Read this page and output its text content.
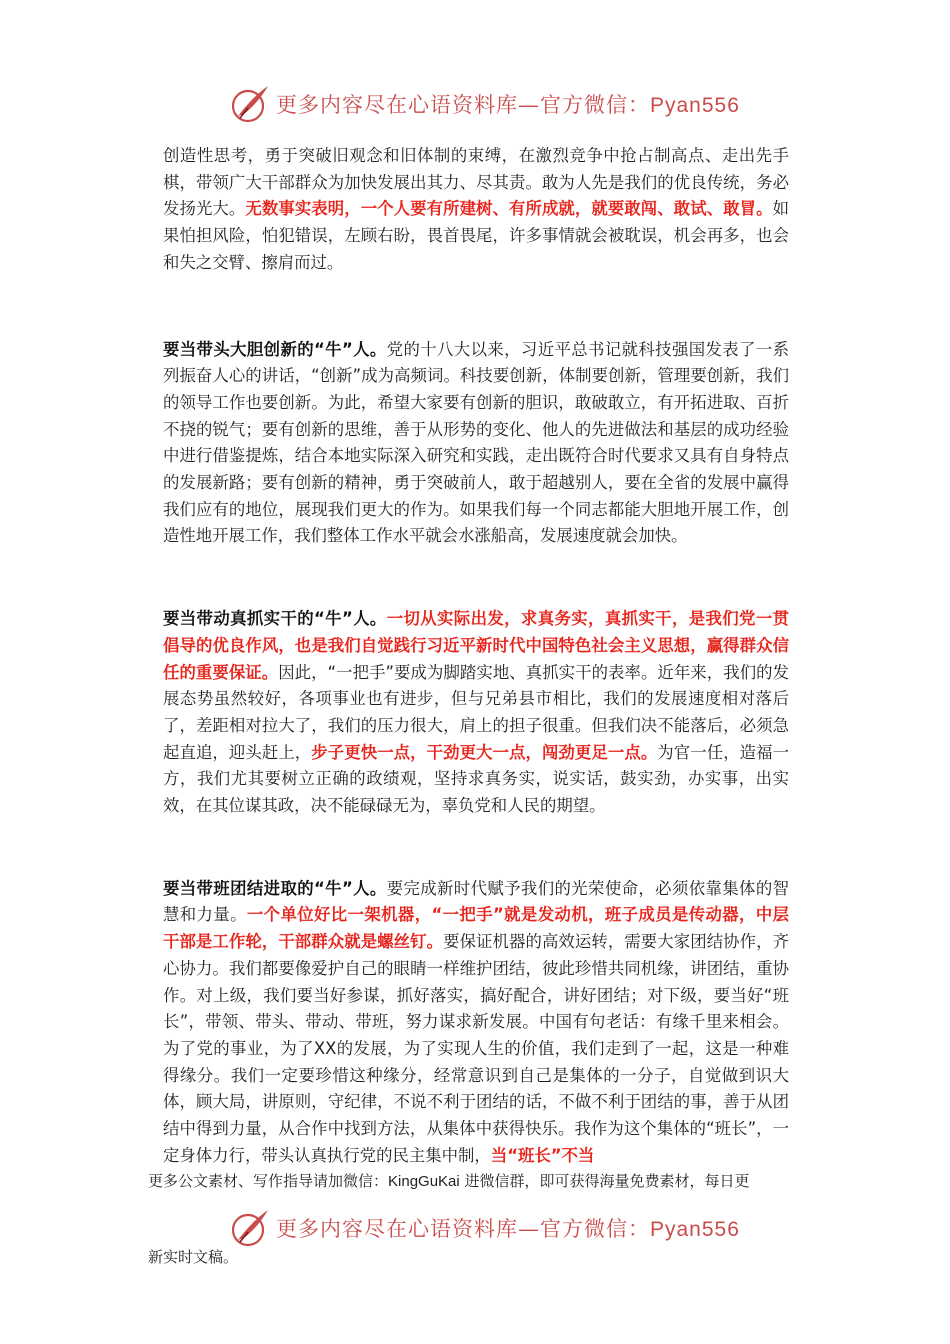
更多内容尽在心语资料库—官方微信：Pyan556

创造性思考，勇于突破旧观念和旧体制的束缚，在激烈竞争中抢占制高点、走出先手棋，带领广大干部群众为加快发展出其力、尽其责。敢为人先是我们的优良传统，务必发扬光大。无数事实表明，一个人要有所建树、有所成就，就要敢闯、敢试、敢冒。如果怕担风险，怕犯错误，左顾右盼，畏首畏尾，许多事情就会被耽误，机会再多，也会和失之交臂、擦肩而过。

要当带头大胆创新的“牛”人。党的十八大以来，习近平总书记就科技强国发表了一系列振奋人心的讲话，“创新”成为高频词。科技要创新，体制要创新，管理要创新，我们的领导工作也要创新。为此，希望大家要有创新的胆识，敢破敢立，有开拓进取、百折不挠的锐气；要有创新的思维，善于从形势的变化、他人的先进做法和基层的成功经验中进行借鉴提炼，结合本地实际深入研究和实践，走出既符合时代要求又具有自身特点的发展新路；要有创新的精神，勇于突破前人，敢于超越别人，要在全省的发展中赢得我们应有的地位，展现我们更大的作为。如果我们每一个同志都能大胆地开展工作，创造性地开展工作，我们整体工作水平就会水涨船高，发展速度就会加快。

要当带动真抓实干的“牛”人。一切从实际出发，求真务实，真抓实干，是我们党一贯倡导的优良作风，也是我们自觉践行习近平新时代中国特色社会主义思想，赢得群众信任的重要保证。因此，“一把手”要成为脚踏实地、真抓实干的表率。近年来，我们的发展态势虽然较好，各项事业也有进步，但与兄弟县市相比，我们的发展速度相对落后了，差距相对拉大了，我们的压力很大，肩上的担子很重。但我们决不能落后，必须急起直追，迎头赶上，步子更快一点，干劲更大一点，闯劲更足一点。为官一任，造福一方，我们尤其要树立正确的政绩观，坚持求真务实，说实话，鼓实劲，办实事，出实效，在其位谋其政，决不能碌碌无为，辜负党和人民的期望。

要当带班团结进取的“牛”人。要完成新时代赋予我们的光荣使命，必须依靠集体的智慧和力量。一个单位好比一架机器，“一把手”就是发动机，班子成员是传动器，中层干部是工作轮，干部群众就是螺丝钉。要保证机器的高效运转，需要大家团结协作，齐心协力。我们都要像爱护自己的眼睛一样维护团结，彼此珍惜共同机缘，讲团结，重协作。对上级，我们要当好参谋，抓好落实，搞好配合，讲好团结；对下级，要当好“班长”，带领、带头、带动、带班，努力谋求新发展。中国有句老话：有缘千里来相会。为了党的事业，为了XX的发展，为了实现人生的价值，我们走到了一起，这是一种难得缘分。我们一定要珍惜这种缘分，经常意识到自己是集体的一分子，自觉做到识大体，顾大局，讲原则，守纪律，不说不利于团结的话，不做不利于团结的事，善于从团结中得到力量，从合作中找到方法，从集体中获得快乐。我作为这个集体的“班长”，一定身体力行，带头认真执行党的民主集中制，当“班长”不当

更多公文素材、写作指导请加微信：KingGuKai 进微信群，即可获得海量免费素材，每日更
更多内容尽在心语资料库—官方微信：Pyan556
新实时文稿。
